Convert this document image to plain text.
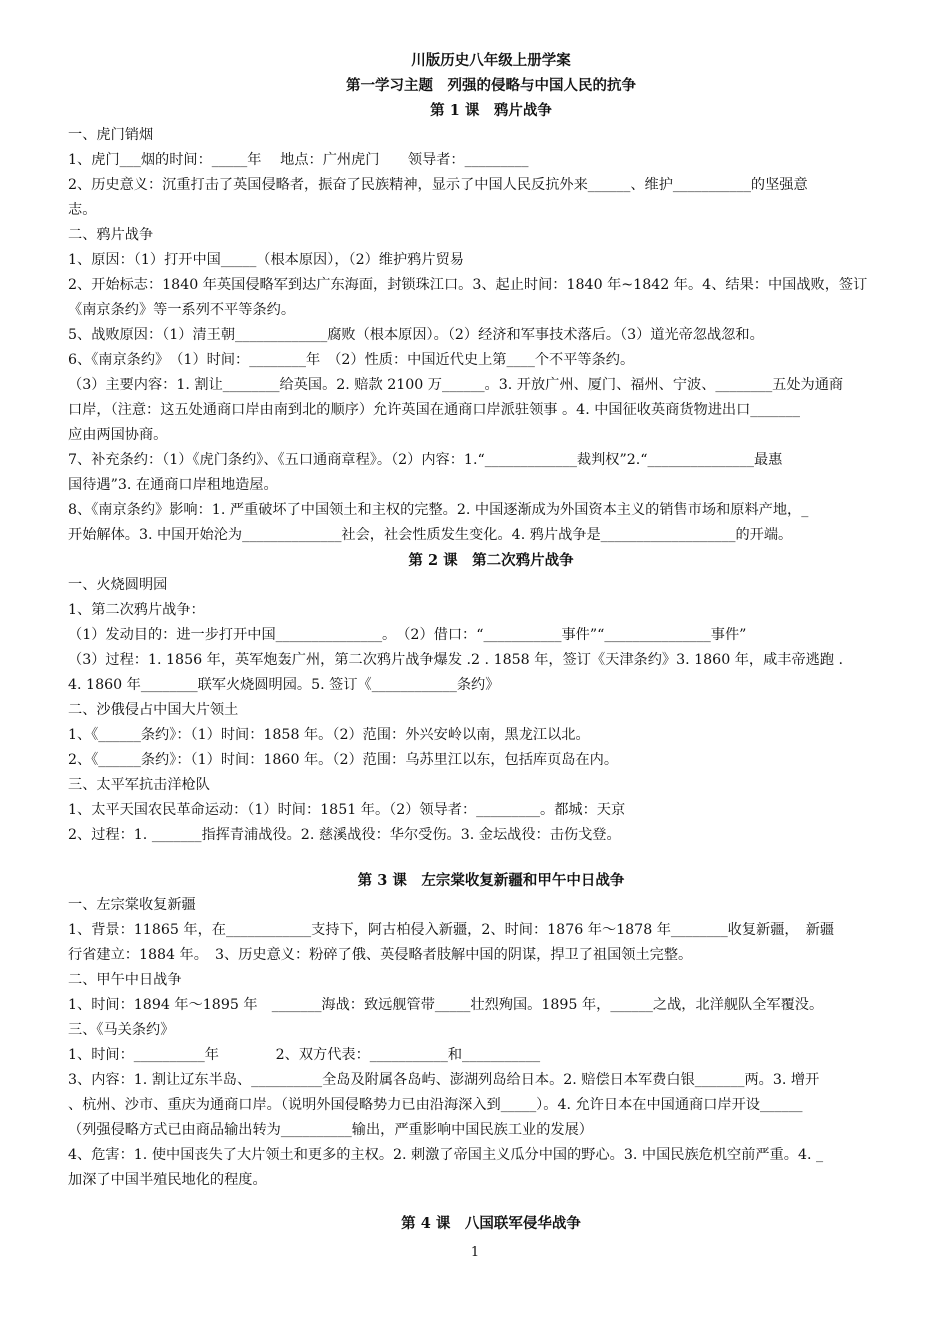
川版历史八年级上册学案

第一学习主题　列强的侵略与中国人民的抗争

第 1 课　鸦片战争

一、虎门销烟

1、虎门___烟的时间：_____年　 地点：广州虎门　　领导者：_________

2、历史意义：沉重打击了英国侵略者，振奋了民族精神，显示了中国人民反抗外来______、维护___________的坚强意

志。

二、鸦片战争

1、原因：（1）打开中国_____（根本原因），（2）维护鸦片贸易

2、开始标志：1840 年英国侵略军到达广东海面，封锁珠江口。3、起止时间：1840 年~1842 年。4、结果：中国战败，签订

《南京条约》等一系列不平等条约。

5、战败原因：（1）清王朝_____________腐败（根本原因）。（2）经济和军事技术落后。（3）道光帝忽战忽和。

6、《南京条约》　（1）时间：________年　（2）性质：中国近代史上第____个不平等条约。

（3）主要内容：1. 割让________给英国。2. 赔款 2100 万______。3. 开放广州、厦门、福州、宁波、________五处为通商

口岸，（注意：这五处通商口岸由南到北的顺序）允许英国在通商口岸派驻领事 。4. 中国征收英商货物进出口_______

应由两国协商。

7、补充条约：（1）《虎门条约》、《五口通商章程》。（2）内容：1.“_____________裁判权”2.“_______________最惠

国待遇”3. 在通商口岸租地造屋。

8、《南京条约》影响：1. 严重破坏了中国领土和主权的完整。2. 中国逐渐成为外国资本主义的销售市场和原料产地，_

开始解体。3. 中国开始沦为______________社会，社会性质发生变化。4. 鸦片战争是___________________的开端。

第 2 课　第二次鸦片战争

一、火烧圆明园

1、第二次鸦片战争：

（1）发动目的：进一步打开中国_______________。　（2）借口：“___________事件”“_______________事件”

（3）过程：1. 1856 年，英军炮轰广州，第二次鸦片战争爆发 .2 . 1858 年，签订《天津条约》3. 1860 年，咸丰帝逃跑 .

4. 1860 年________联军火烧圆明园。5. 签订《____________条约》

二、沙俄侵占中国大片领土

1、《______条约》：（1）时间：1858 年。（2）范围：外兴安岭以南，黑龙江以北。

2、《______条约》：（1）时间：1860 年。（2）范围：乌苏里江以东，包括库页岛在内。

三、太平军抗击洋枪队

1、太平天国农民革命运动：（1）时间：1851 年。（2）领导者：_________。都城：天京

2、过程：1. _______指挥青浦战役。2. 慈溪战役：华尔受伤。3. 金坛战役：击伤戈登。

第 3 课　左宗棠收复新疆和甲午中日战争

一、左宗棠收复新疆

1、背景：11865 年，在____________支持下，阿古柏侵入新疆，2、时间：1876 年～1878 年________收复新疆，　新疆

行省建立：1884 年。　3、历史意义：粉碎了俄、英侵略者肢解中国的阴谋，捍卫了祖国领土完整。

二、甲午中日战争

1、时间：1894 年～1895 年　_______海战：致远舰管带_____壮烈殉国。1895 年，______之战，北洋舰队全军覆没。

三、《马关条约》

1、时间：__________年　　　　2、双方代表：___________和___________

3、内容：1. 割让辽东半岛、__________全岛及附属各岛屿、澎湖列岛给日本。2. 赔偿日本军费白银_______两。3. 增开

、杭州、沙市、重庆为通商口岸。（说明外国侵略势力已由沿海深入到_____）。4. 允许日本在中国通商口岸开设______

（列强侵略方式已由商品输出转为__________输出，严重影响中国民族工业的发展）

4、危害：1. 使中国丧失了大片领土和更多的主权。2. 刺激了帝国主义瓜分中国的野心。3. 中国民族危机空前严重。4. _

加深了中国半殖民地化的程度。

第 4 课　八国联军侵华战争

1
